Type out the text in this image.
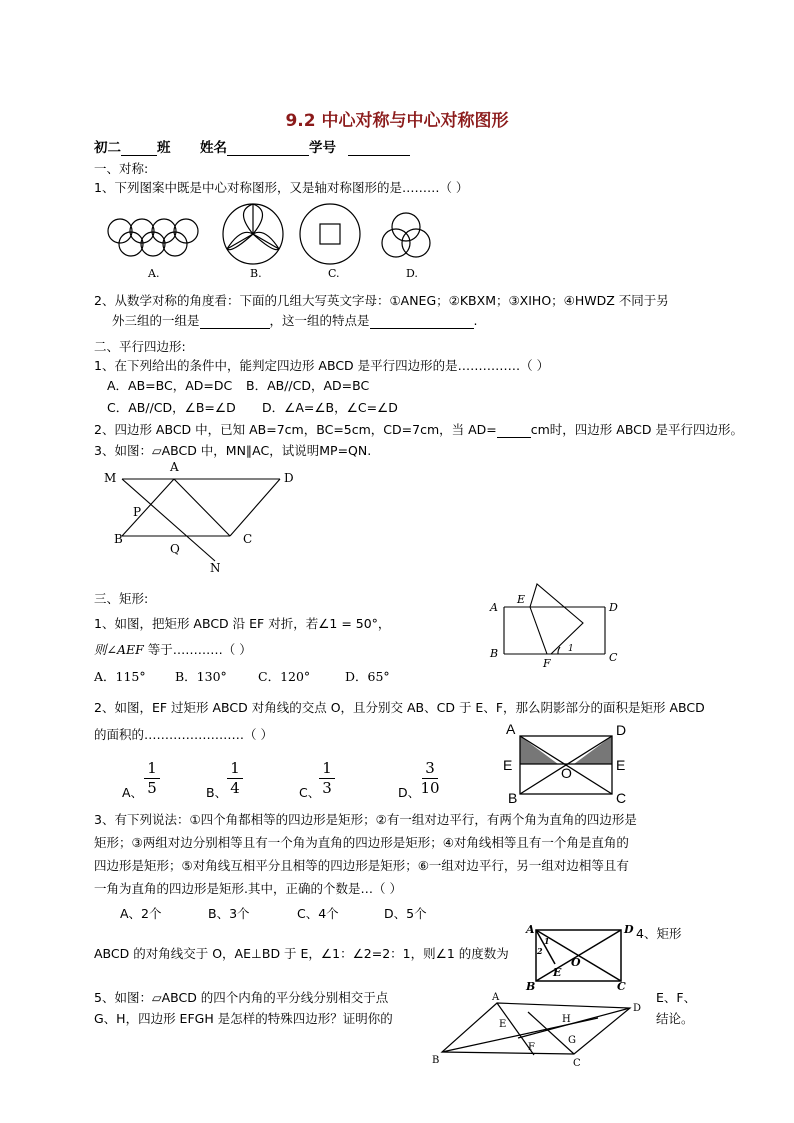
9.2 中心对称与中心对称图形
初二	班 姓名	学号
一、对称:
1、下列图案中既是中心对称图形，又是轴对称图形的是………（ ）
A.	B.	C.	D.
2、从数学对称的角度看：下面的几组大写英文字母：①ANEG；②KBXM；③XIHO；④HWDZ 不同于另
外三组的一组是	，这一组的特点是	.
二、平行四边形:
1、在下列给出的条件中，能判定四边形 ABCD 是平行四边形的是……………（ ）
A．AB=BC，AD=DC B．AB//CD，AD=BC
C．AB//CD，∠B=∠D D．∠A=∠B，∠C=∠D
2、四边形 ABCD 中，已知 AB=7cm，BC=5cm，CD=7cm，当 AD=	cm时，四边形 ABCD 是平行四边形。
3、如图：▱ABCD 中，MN∥AC，试说明MP=QN.
M
A
D
P
B
Q
C
N
三、矩形:
1、如图，把矩形 ABCD 沿 EF 对折，若∠1 = 50°，
则∠AEF 等于…………（ ）
A．115° B．130° C．120°	D．65°
A
E
D
B
F	C
1
2、如图，EF 过矩形 ABCD 对角线的交点 O，且分别交 AB、CD 于 E、F，那么阴影部分的面积是矩形 ABCD
的面积的……………………（ ）
A、
1
5	B、
1
4	C、
1
3	D、
3
10
A	D
E	O	E
B	C
3、有下列说法：①四个角都相等的四边形是矩形；②有一组对边平行，有两个角为直角的四边形是
矩形；③两组对边分别相等且有一个角为直角的四边形是矩形；④对角线相等且有一个角是直角的
四边形是矩形；⑤对角线互相平分且相等的四边形是矩形；⑥一组对边平行，另一组对边相等且有
一角为直角的四边形是矩形.其中，正确的个数是…（ ）
A、2个	B、3个	C、4个	D、5个
4、矩形
ABCD 的对角线交于 O，AE⊥BD 于 E，∠1：∠2=2：1，则∠1 的度数为
A	D
B	C
E
O
1
2
5、如图：▱ABCD 的四个内角的平分线分别相交于点	E、F、
G、H，四边形 EFGH 是怎样的特殊四边形？证明你的	结论。
A
D
E	H
F
G
B	C
